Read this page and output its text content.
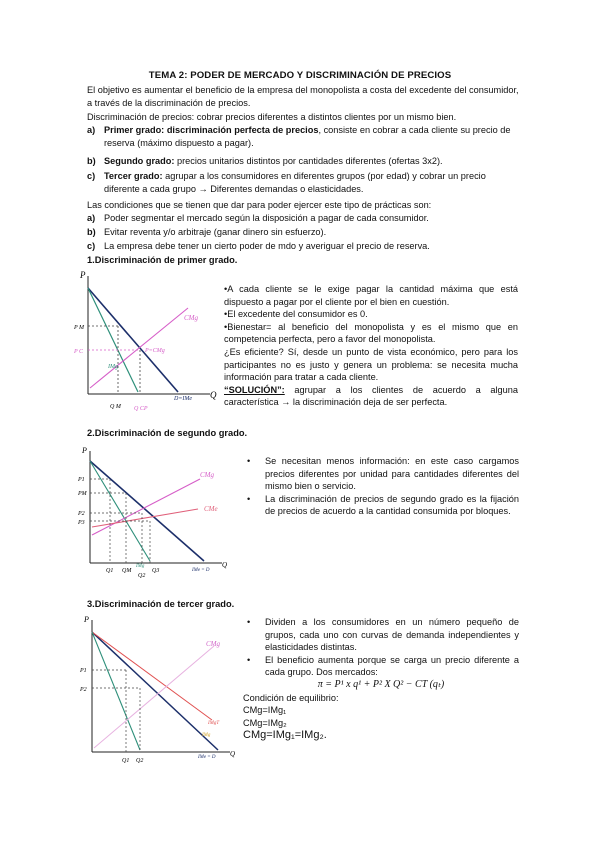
TEMA 2: PODER DE MERCADO Y DISCRIMINACIÓN DE PRECIOS
El objetivo es aumentar el beneficio de la empresa del monopolista a costa del excedente del consumidor, a través de la discriminación de precios.
Discriminación de precios: cobrar precios diferentes a distintos clientes por un mismo bien.
a) Primer grado: discriminación perfecta de precios, consiste en cobrar a cada cliente su precio de reserva (máximo dispuesto a pagar).
b) Segundo grado: precios unitarios distintos por cantidades diferentes (ofertas 3x2).
c) Tercer grado: agrupar a los consumidores en diferentes grupos (por edad) y cobrar un precio diferente a cada grupo → Diferentes demandas o elasticidades.
Las condiciones que se tienen que dar para poder ejercer este tipo de prácticas son:
a) Poder segmentar el mercado según la disposición a pagar de cada consumidor.
b) Evitar reventa y/o arbitraje (ganar dinero sin esfuerzo).
c) La empresa debe tener un cierto poder de mdo y averiguar el precio de reserva.
1.Discriminación de primer grado.
P
Q
P M
P C
CMg
P=CMg
IMg
D=IMe
Q M Q CP

•A cada cliente se le exige pagar la cantidad máxima que está dispuesto a pagar por el cliente por el bien en cuestión.

•El excedente del consumidor es 0.

•Bienestar= al beneficio del monopolista y es el mismo que en competencia perfecta, pero a favor del monopolista.

¿Es eficiente? Sí, desde un punto de vista económico, pero para los participantes no es justo y genera un problema: se necesita mucha información para tratar a cada cliente.

“SOLUCIÓN”: agrupar a los clientes de acuerdo a alguna característica → la discriminación deja de ser perfecta.

2.Discriminación de segundo grado.
P
Q
P1
PM
P2
P3
CMg
CMe
IMg
IMe = D
Q1 QM
Q2
Q3

• Se necesitan menos información: en este caso cargamos precios diferentes por unidad para cantidades diferentes del mismo bien o servicio.

• La discriminación de precios de segundo grado es la fijación de precios de acuerdo a la cantidad consumida por bloques.

3.Discriminación de tercer grado.
P
Q
P1
P2
CMg
IMgT
IMg
IMe = D
Q1 Q2

• Dividen a los consumidores en un número pequeño de grupos, cada uno con curvas de demanda independientes y elasticidades distintas.

• El beneficio aumenta porque se carga un precio diferente a cada grupo. Dos mercados:

π = P¹ x q¹ + P² X Q² − CT (qₜ)

Condición de equilibrio:

CMg=IMg₁

CMg=IMg₂

CMg=IMg₁=IMg₂.
